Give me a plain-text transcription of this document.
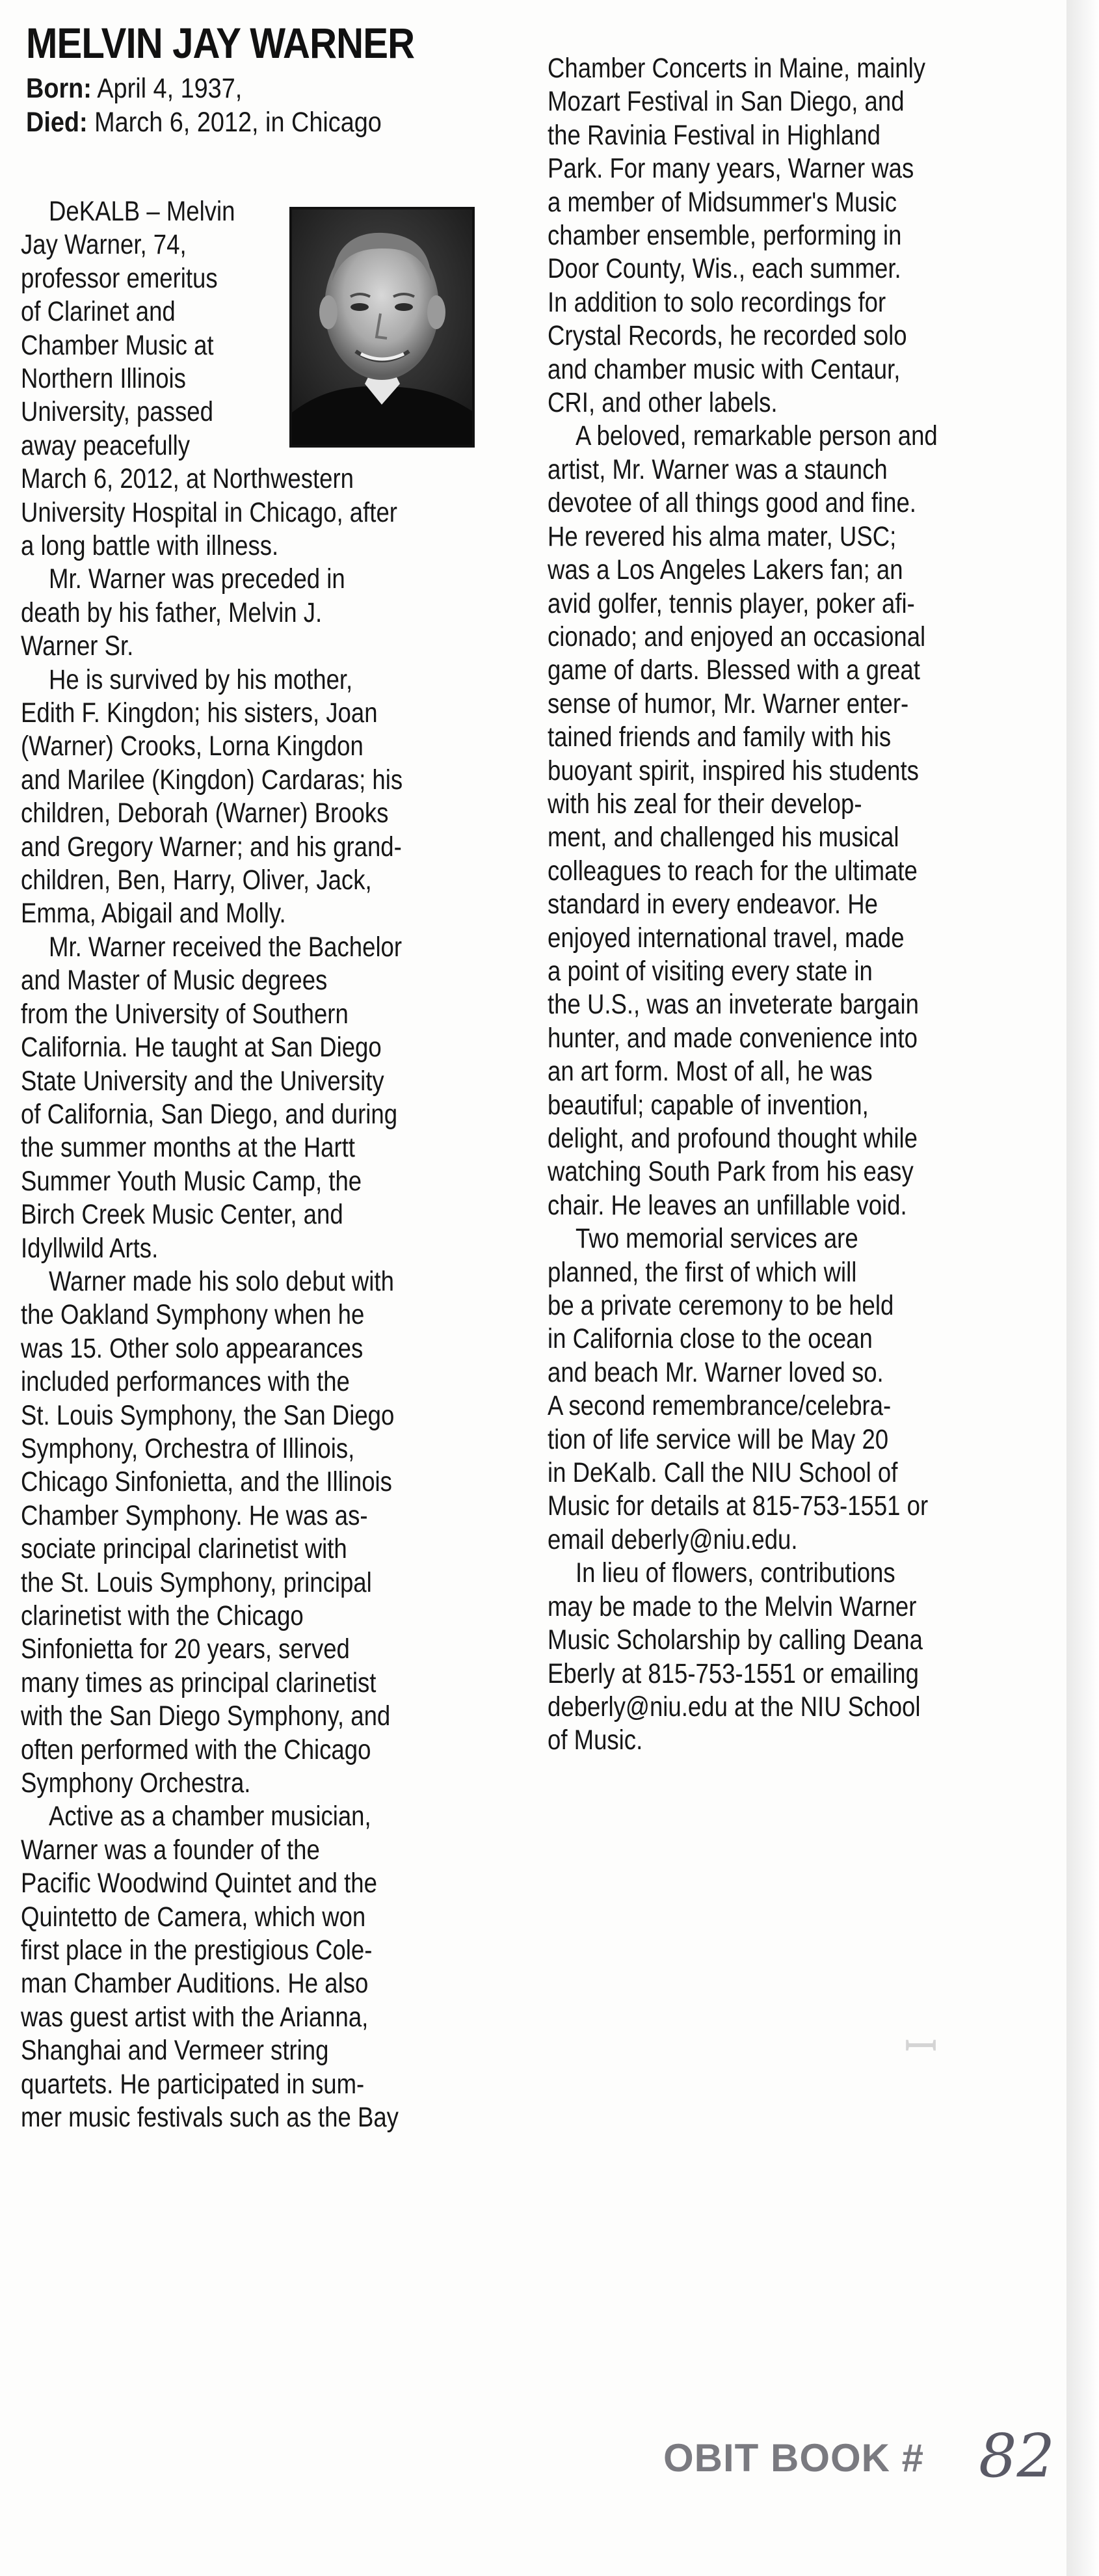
MELVIN JAY WARNER
Born: April 4, 1937,
Died: March 6, 2012, in Chicago
DeKALB – Melvin
Jay Warner, 74,
professor emeritus
of Clarinet and
Chamber Music at
Northern Illinois
University, passed
away peacefully
March 6, 2012, at Northwestern
University Hospital in Chicago, after
a long battle with illness.
Mr. Warner was preceded in
death by his father, Melvin J.
Warner Sr.
He is survived by his mother,
Edith F. Kingdon; his sisters, Joan
(Warner) Crooks, Lorna Kingdon
and Marilee (Kingdon) Cardaras; his
children, Deborah (Warner) Brooks
and Gregory Warner; and his grand-
children, Ben, Harry, Oliver, Jack,
Emma, Abigail and Molly.
Mr. Warner received the Bachelor
and Master of Music degrees
from the University of Southern
California. He taught at San Diego
State University and the University
of California, San Diego, and during
the summer months at the Hartt
Summer Youth Music Camp, the
Birch Creek Music Center, and
Idyllwild Arts.
Warner made his solo debut with
the Oakland Symphony when he
was 15. Other solo appearances
included performances with the
St. Louis Symphony, the San Diego
Symphony, Orchestra of Illinois,
Chicago Sinfonietta, and the Illinois
Chamber Symphony. He was as-
sociate principal clarinetist with
the St. Louis Symphony, principal
clarinetist with the Chicago
Sinfonietta for 20 years, served
many times as principal clarinetist
with the San Diego Symphony, and
often performed with the Chicago
Symphony Orchestra.
Active as a chamber musician,
Warner was a founder of the
Pacific Woodwind Quintet and the
Quintetto de Camera, which won
first place in the prestigious Cole-
man Chamber Auditions. He also
was guest artist with the Arianna,
Shanghai and Vermeer string
quartets. He participated in sum-
mer music festivals such as the Bay
Chamber Concerts in Maine, mainly
Mozart Festival in San Diego, and
the Ravinia Festival in Highland
Park. For many years, Warner was
a member of Midsummer's Music
chamber ensemble, performing in
Door County, Wis., each summer.
In addition to solo recordings for
Crystal Records, he recorded solo
and chamber music with Centaur,
CRI, and other labels.
A beloved, remarkable person and
artist, Mr. Warner was a staunch
devotee of all things good and fine.
He revered his alma mater, USC;
was a Los Angeles Lakers fan; an
avid golfer, tennis player, poker afi-
cionado; and enjoyed an occasional
game of darts. Blessed with a great
sense of humor, Mr. Warner enter-
tained friends and family with his
buoyant spirit, inspired his students
with his zeal for their develop-
ment, and challenged his musical
colleagues to reach for the ultimate
standard in every endeavor. He
enjoyed international travel, made
a point of visiting every state in
the U.S., was an inveterate bargain
hunter, and made convenience into
an art form. Most of all, he was
beautiful; capable of invention,
delight, and profound thought while
watching South Park from his easy
chair. He leaves an unfillable void.
Two memorial services are
planned, the first of which will
be a private ceremony to be held
in California close to the ocean
and beach Mr. Warner loved so.
A second remembrance/celebra-
tion of life service will be May 20
in DeKalb. Call the NIU School of
Music for details at 815-753-1551 or
email deberly@niu.edu.
In lieu of flowers, contributions
may be made to the Melvin Warner
Music Scholarship by calling Deana
Eberly at 815-753-1551 or emailing
deberly@niu.edu at the NIU School
of Music.
ꟷ
OBIT BOOK # 82
